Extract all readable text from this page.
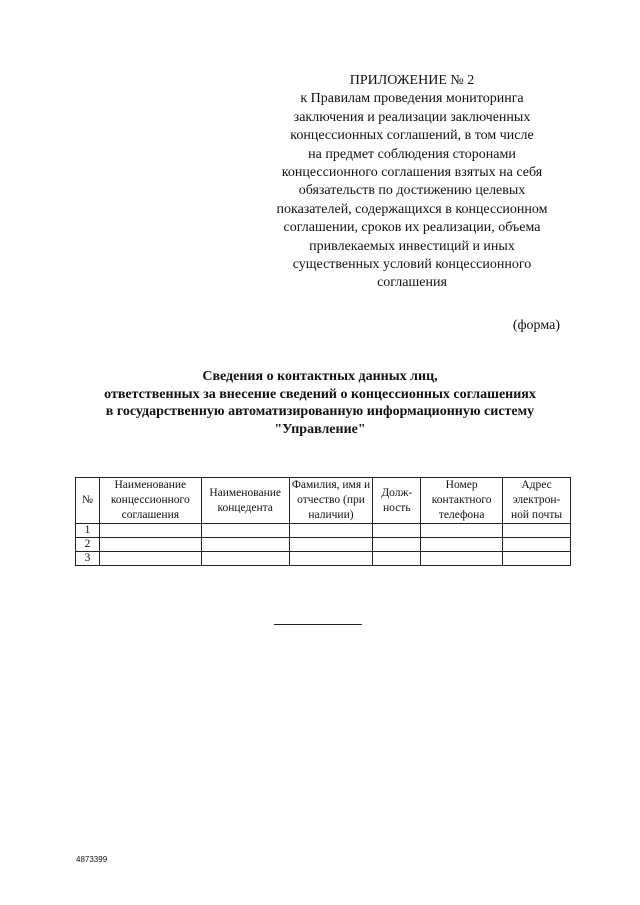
ПРИЛОЖЕНИЕ № 2
к Правилам проведения мониторинга
заключения и реализации заключенных
концессионных соглашений, в том числе
на предмет соблюдения сторонами
концессионного соглашения взятых на себя
обязательств по достижению целевых
показателей, содержащихся в концессионном
соглашении, сроков их реализации, объема
привлекаемых инвестиций и иных
существенных условий концессионного
соглашения
(форма)
Сведения о контактных данных лиц,
ответственных за внесение сведений о концессионных соглашениях
в государственную автоматизированную информационную систему
"Управление"
№	Наименование концессионного соглашения	Наименование концедента	Фамилия, имя и отчество (при наличии)	Долж-ность	Номер контактного телефона	Адрес электрон-ной почты
1						
2						
3						
4873399
